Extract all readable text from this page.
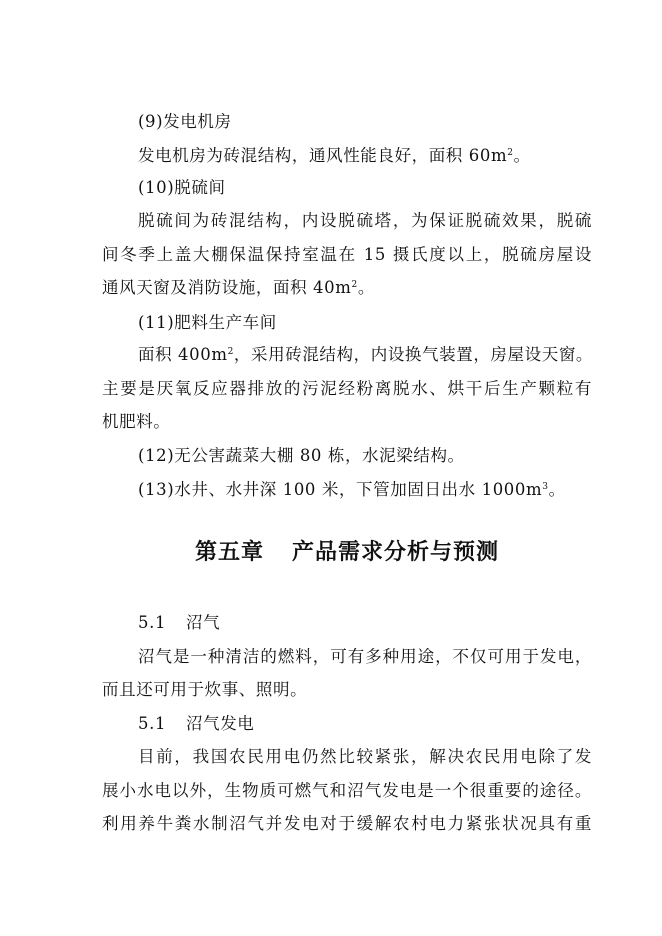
(9)发电机房
发电机房为砖混结构，通风性能良好，面积 $60m^2$。
(10)脱硫间
脱硫间为砖混结构，内设脱硫塔，为保证脱硫效果，脱硫
间冬季上盖大棚保温保持室温在 15 摄氏度以上，脱硫房屋设
通风天窗及消防设施，面积 $40m^2$。
(11)肥料生产车间
面积 $400m^2$，采用砖混结构，内设换气装置，房屋设天窗。
主要是厌氧反应器排放的污泥经粉离脱水、烘干后生产颗粒有
机肥料。
(12)无公害蔬菜大棚 80 栋，水泥梁结构。
(13)水井、水井深 100 米，下管加固日出水 $1000m^3$。
第五章 产品需求分析与预测
5.1 沼气
沼气是一种清洁的燃料，可有多种用途，不仅可用于发电，
而且还可用于炊事、照明。
5.1 沼气发电
目前，我国农民用电仍然比较紧张，解决农民用电除了发
展小水电以外，生物质可燃气和沼气发电是一个很重要的途径。
利用养牛粪水制沼气并发电对于缓解农村电力紧张状况具有重
